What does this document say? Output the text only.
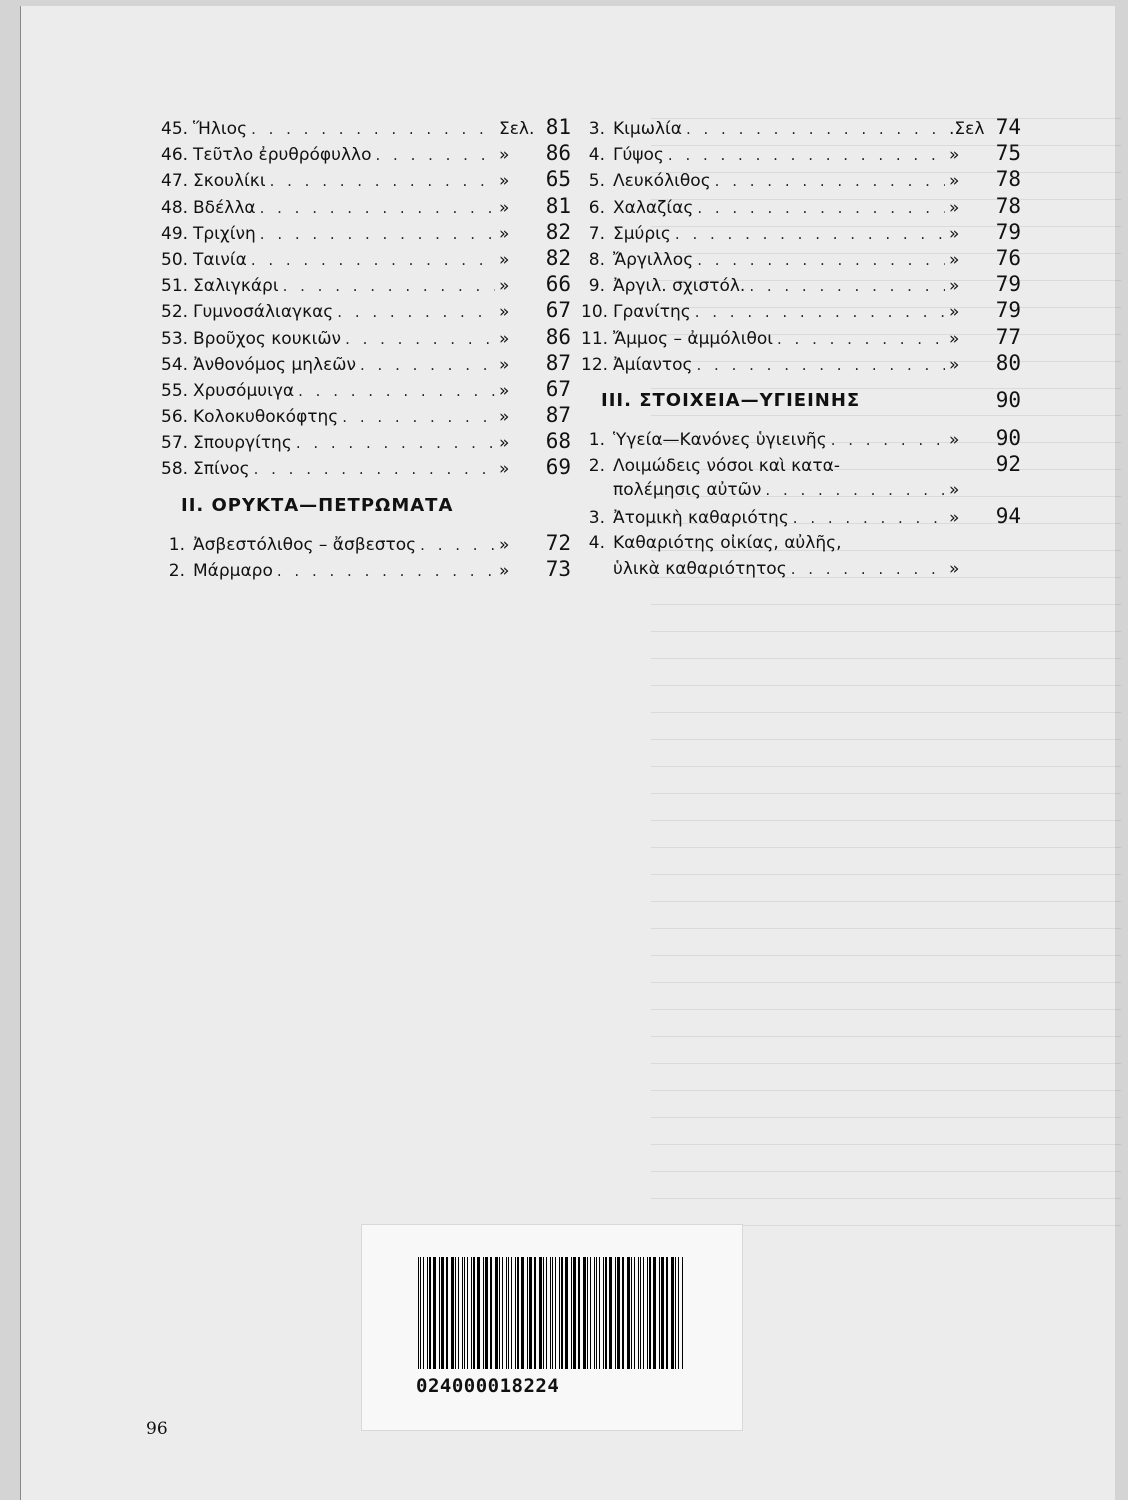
45. Ἥλιος . . .	Σελ. 81
46. Τεῦτλο ἐρυθρόφυλλο . . .	»	86
47. Σκουλίκι . . .	»	65
48. Βδέλλα . . .	»	81
49. Τριχίνη . . .	»	82
50. Ταινία . . .	»	82
51. Σαλιγκάρι . . .	»	66
52. Γυμνοσάλιαγκας . . .	»	67
53. Βροῦχος κουκιῶν . . .	»	86
54. Ἀνθονόμος μηλεῶν . . .	»	87
55. Χρυσόμυιγα . . .	»	67
56. Κολοκυθοκόφτης . . .	»	87
57. Σπουργίτης . . .	»	68
58. Σπίνος . . .	»	69
II. ΟΡΥΚΤΑ—ΠΕΤΡΩΜΑΤΑ
1. Ἀσβεστόλιθος – ἄσβεστος . . .	»	72
2. Μάρμαρο . . .	»	73
3. Κιμωλία . . .	.Σελ 74
4. Γύψος . . .	»	75
5. Λευκόλιθος . . .	»	78
6. Χαλαζίας . . .	»	78
7. Σμύρις . . .	»	79
8. Ἄργιλλος . . .	»	76
9. Ἀργιλ. σχιστόλ. . . .	»	79
10. Γρανίτης . . .	»	79
11. Ἄμμος – ἀμμόλιθοι . . .	»	77
12. Ἀμίαντος . . .	»	80
III. ΣΤΟΙΧΕΙΑ—ΥΓΙΕΙΝΗΣ	90
1. Ὑγεία—Κανόνες ὑγιεινῆς . . .	»	90
2. Λοιμώδεις νόσοι καὶ κατα-	92
πολέμησις αὐτῶν . . .	»
3. Ἀτομικὴ καθαριότης . . .	»	94
4. Καθαριότης οἰκίας, αὐλῆς,
ὑλικὰ καθαριότητος . . .	»
024000018224
96
